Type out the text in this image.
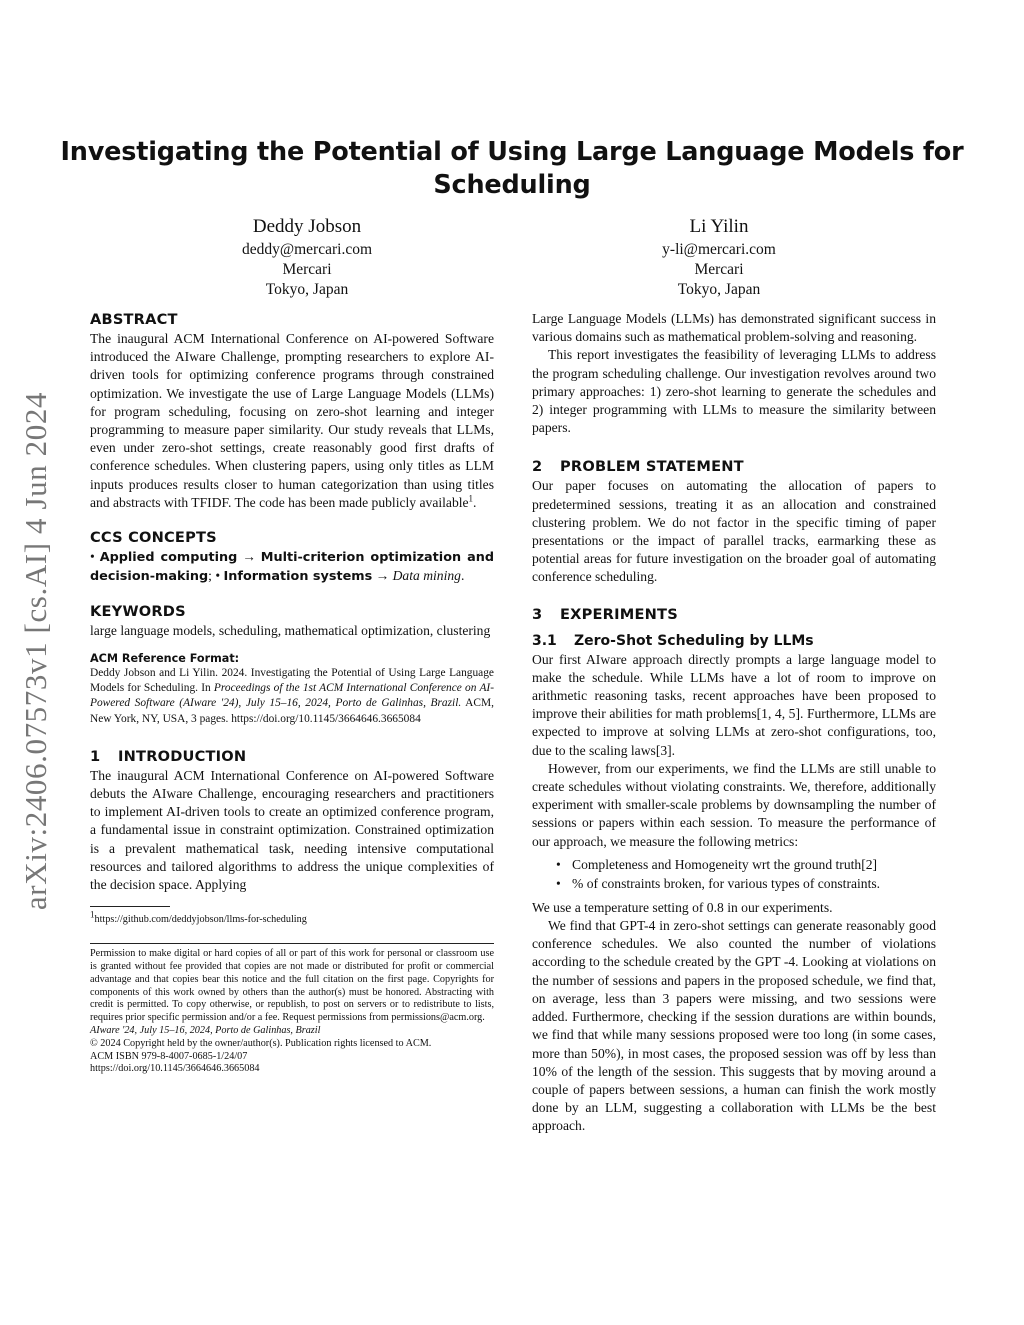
arXiv:2406.07573v1 [cs.AI] 4 Jun 2024
Investigating the Potential of Using Large Language Models for Scheduling
Deddy Jobson
deddy@mercari.com
Mercari
Tokyo, Japan
Li Yilin
y-li@mercari.com
Mercari
Tokyo, Japan
ABSTRACT

The inaugural ACM International Conference on AI-powered Software introduced the AIware Challenge, prompting researchers to explore AI-driven tools for optimizing conference programs through constrained optimization. We investigate the use of Large Language Models (LLMs) for program scheduling, focusing on zero-shot learning and integer programming to measure paper similarity. Our study reveals that LLMs, even under zero-shot settings, create reasonably good first drafts of conference schedules. When clustering papers, using only titles as LLM inputs produces results closer to human categorization than using titles and abstracts with TFIDF. The code has been made publicly available$^1$.

CCS CONCEPTS
• Applied computing → Multi-criterion optimization and decision-making; • Information systems → Data mining.
KEYWORDS

large language models, scheduling, mathematical optimization, clustering

ACM Reference Format:
Deddy Jobson and Li Yilin. 2024. Investigating the Potential of Using Large Language Models for Scheduling. In Proceedings of the 1st ACM International Conference on AI-Powered Software (AIware '24), July 15–16, 2024, Porto de Galinhas, Brazil. ACM, New York, NY, USA, 3 pages. https://doi.org/10.1145/3664646.3665084
1 INTRODUCTION

The inaugural ACM International Conference on AI-powered Software debuts the AIware Challenge, encouraging researchers and practitioners to implement AI-driven tools to create an optimized conference program, a fundamental issue in constraint optimization. Constrained optimization is a prevalent mathematical task, needing intensive computational resources and tailored algorithms to address the unique complexities of the decision space. Applying

$^1$https://github.com/deddyjobson/llms-for-scheduling
Permission to make digital or hard copies of all or part of this work for personal or classroom use is granted without fee provided that copies are not made or distributed for profit or commercial advantage and that copies bear this notice and the full citation on the first page. Copyrights for components of this work owned by others than the author(s) must be honored. Abstracting with credit is permitted. To copy otherwise, or republish, to post on servers or to redistribute to lists, requires prior specific permission and/or a fee. Request permissions from permissions@acm.org.
AIware '24, July 15–16, 2024, Porto de Galinhas, Brazil
© 2024 Copyright held by the owner/author(s). Publication rights licensed to ACM.
ACM ISBN 979-8-4007-0685-1/24/07
https://doi.org/10.1145/3664646.3665084

Large Language Models (LLMs) has demonstrated significant success in various domains such as mathematical problem-solving and reasoning.

This report investigates the feasibility of leveraging LLMs to address the program scheduling challenge. Our investigation revolves around two primary approaches: 1) zero-shot learning to generate the schedules and 2) integer programming with LLMs to measure the similarity between papers.

2 PROBLEM STATEMENT

Our paper focuses on automating the allocation of papers to predetermined sessions, treating it as an allocation and constrained clustering problem. We do not factor in the specific timing of paper presentations or the impact of parallel tracks, earmarking these as potential areas for future investigation on the broader goal of automating conference scheduling.

3 EXPERIMENTS
3.1 Zero-Shot Scheduling by LLMs

Our first AIware approach directly prompts a large language model to make the schedule. While LLMs have a lot of room to improve on arithmetic reasoning tasks, recent approaches have been proposed to improve their abilities for math problems[1, 4, 5]. Furthermore, LLMs are expected to improve at solving LLMs at zero-shot configurations, too, due to the scaling laws[3].

However, from our experiments, we find the LLMs are still unable to create schedules without violating constraints. We, therefore, additionally experiment with smaller-scale problems by downsampling the number of sessions or papers within each session. To measure the performance of our approach, we measure the following metrics:

• Completeness and Homogeneity wrt the ground truth[2]
• % of constraints broken, for various types of constraints.

We use a temperature setting of 0.8 in our experiments.

We find that GPT-4 in zero-shot settings can generate reasonably good conference schedules. We also counted the number of violations according to the schedule created by the GPT -4. Looking at violations on the number of sessions and papers in the proposed schedule, we find that, on average, less than 3 papers were missing, and two sessions were added. Furthermore, checking if the session durations are within bounds, we find that while many sessions proposed were too long (in some cases, more than 50%), in most cases, the proposed session was off by less than 10% of the length of the session. This suggests that by moving around a couple of papers between sessions, a human can finish the work mostly done by an LLM, suggesting a collaboration with LLMs be the best approach.
